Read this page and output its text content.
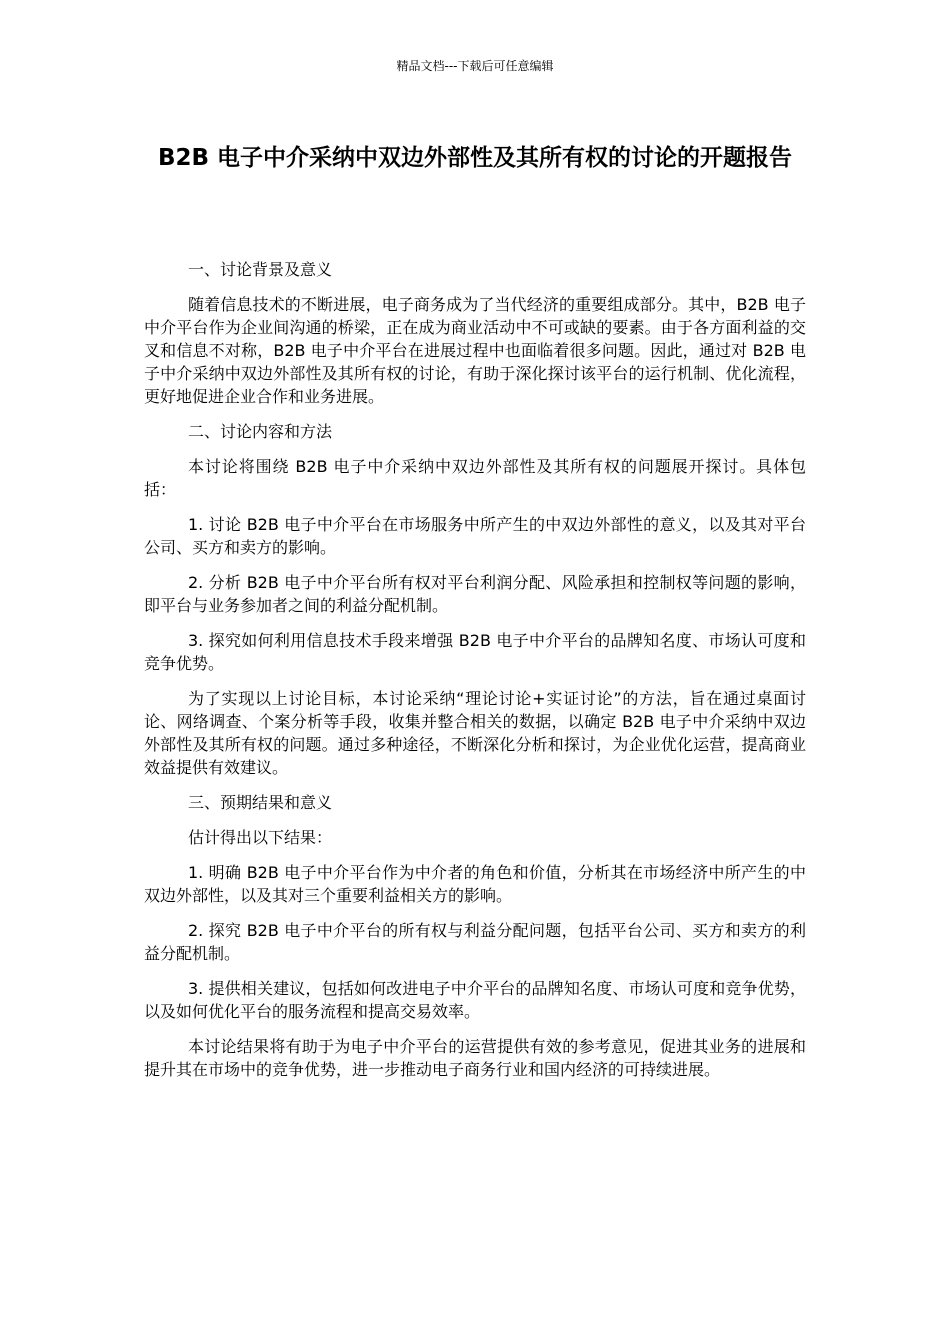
精品文档---下载后可任意编辑
B2B 电子中介采纳中双边外部性及其所有权的讨论的开题报告

一、讨论背景及意义

随着信息技术的不断进展，电子商务成为了当代经济的重要组成部分。其中，B2B 电子中介平台作为企业间沟通的桥梁，正在成为商业活动中不可或缺的要素。由于各方面利益的交叉和信息不对称，B2B 电子中介平台在进展过程中也面临着很多问题。因此，通过对 B2B 电子中介采纳中双边外部性及其所有权的讨论，有助于深化探讨该平台的运行机制、优化流程，更好地促进企业合作和业务进展。

二、讨论内容和方法

本讨论将围绕 B2B 电子中介采纳中双边外部性及其所有权的问题展开探讨。具体包括：

1. 讨论 B2B 电子中介平台在市场服务中所产生的中双边外部性的意义，以及其对平台公司、买方和卖方的影响。

2. 分析 B2B 电子中介平台所有权对平台利润分配、风险承担和控制权等问题的影响，即平台与业务参加者之间的利益分配机制。

3. 探究如何利用信息技术手段来增强 B2B 电子中介平台的品牌知名度、市场认可度和竞争优势。

为了实现以上讨论目标，本讨论采纳“理论讨论+实证讨论”的方法，旨在通过桌面讨论、网络调查、个案分析等手段，收集并整合相关的数据，以确定 B2B 电子中介采纳中双边外部性及其所有权的问题。通过多种途径，不断深化分析和探讨，为企业优化运营，提高商业效益提供有效建议。

三、预期结果和意义

估计得出以下结果：

1. 明确 B2B 电子中介平台作为中介者的角色和价值，分析其在市场经济中所产生的中双边外部性，以及其对三个重要利益相关方的影响。

2. 探究 B2B 电子中介平台的所有权与利益分配问题，包括平台公司、买方和卖方的利益分配机制。

3. 提供相关建议，包括如何改进电子中介平台的品牌知名度、市场认可度和竞争优势，以及如何优化平台的服务流程和提高交易效率。

本讨论结果将有助于为电子中介平台的运营提供有效的参考意见，促进其业务的进展和提升其在市场中的竞争优势，进一步推动电子商务行业和国内经济的可持续进展。
